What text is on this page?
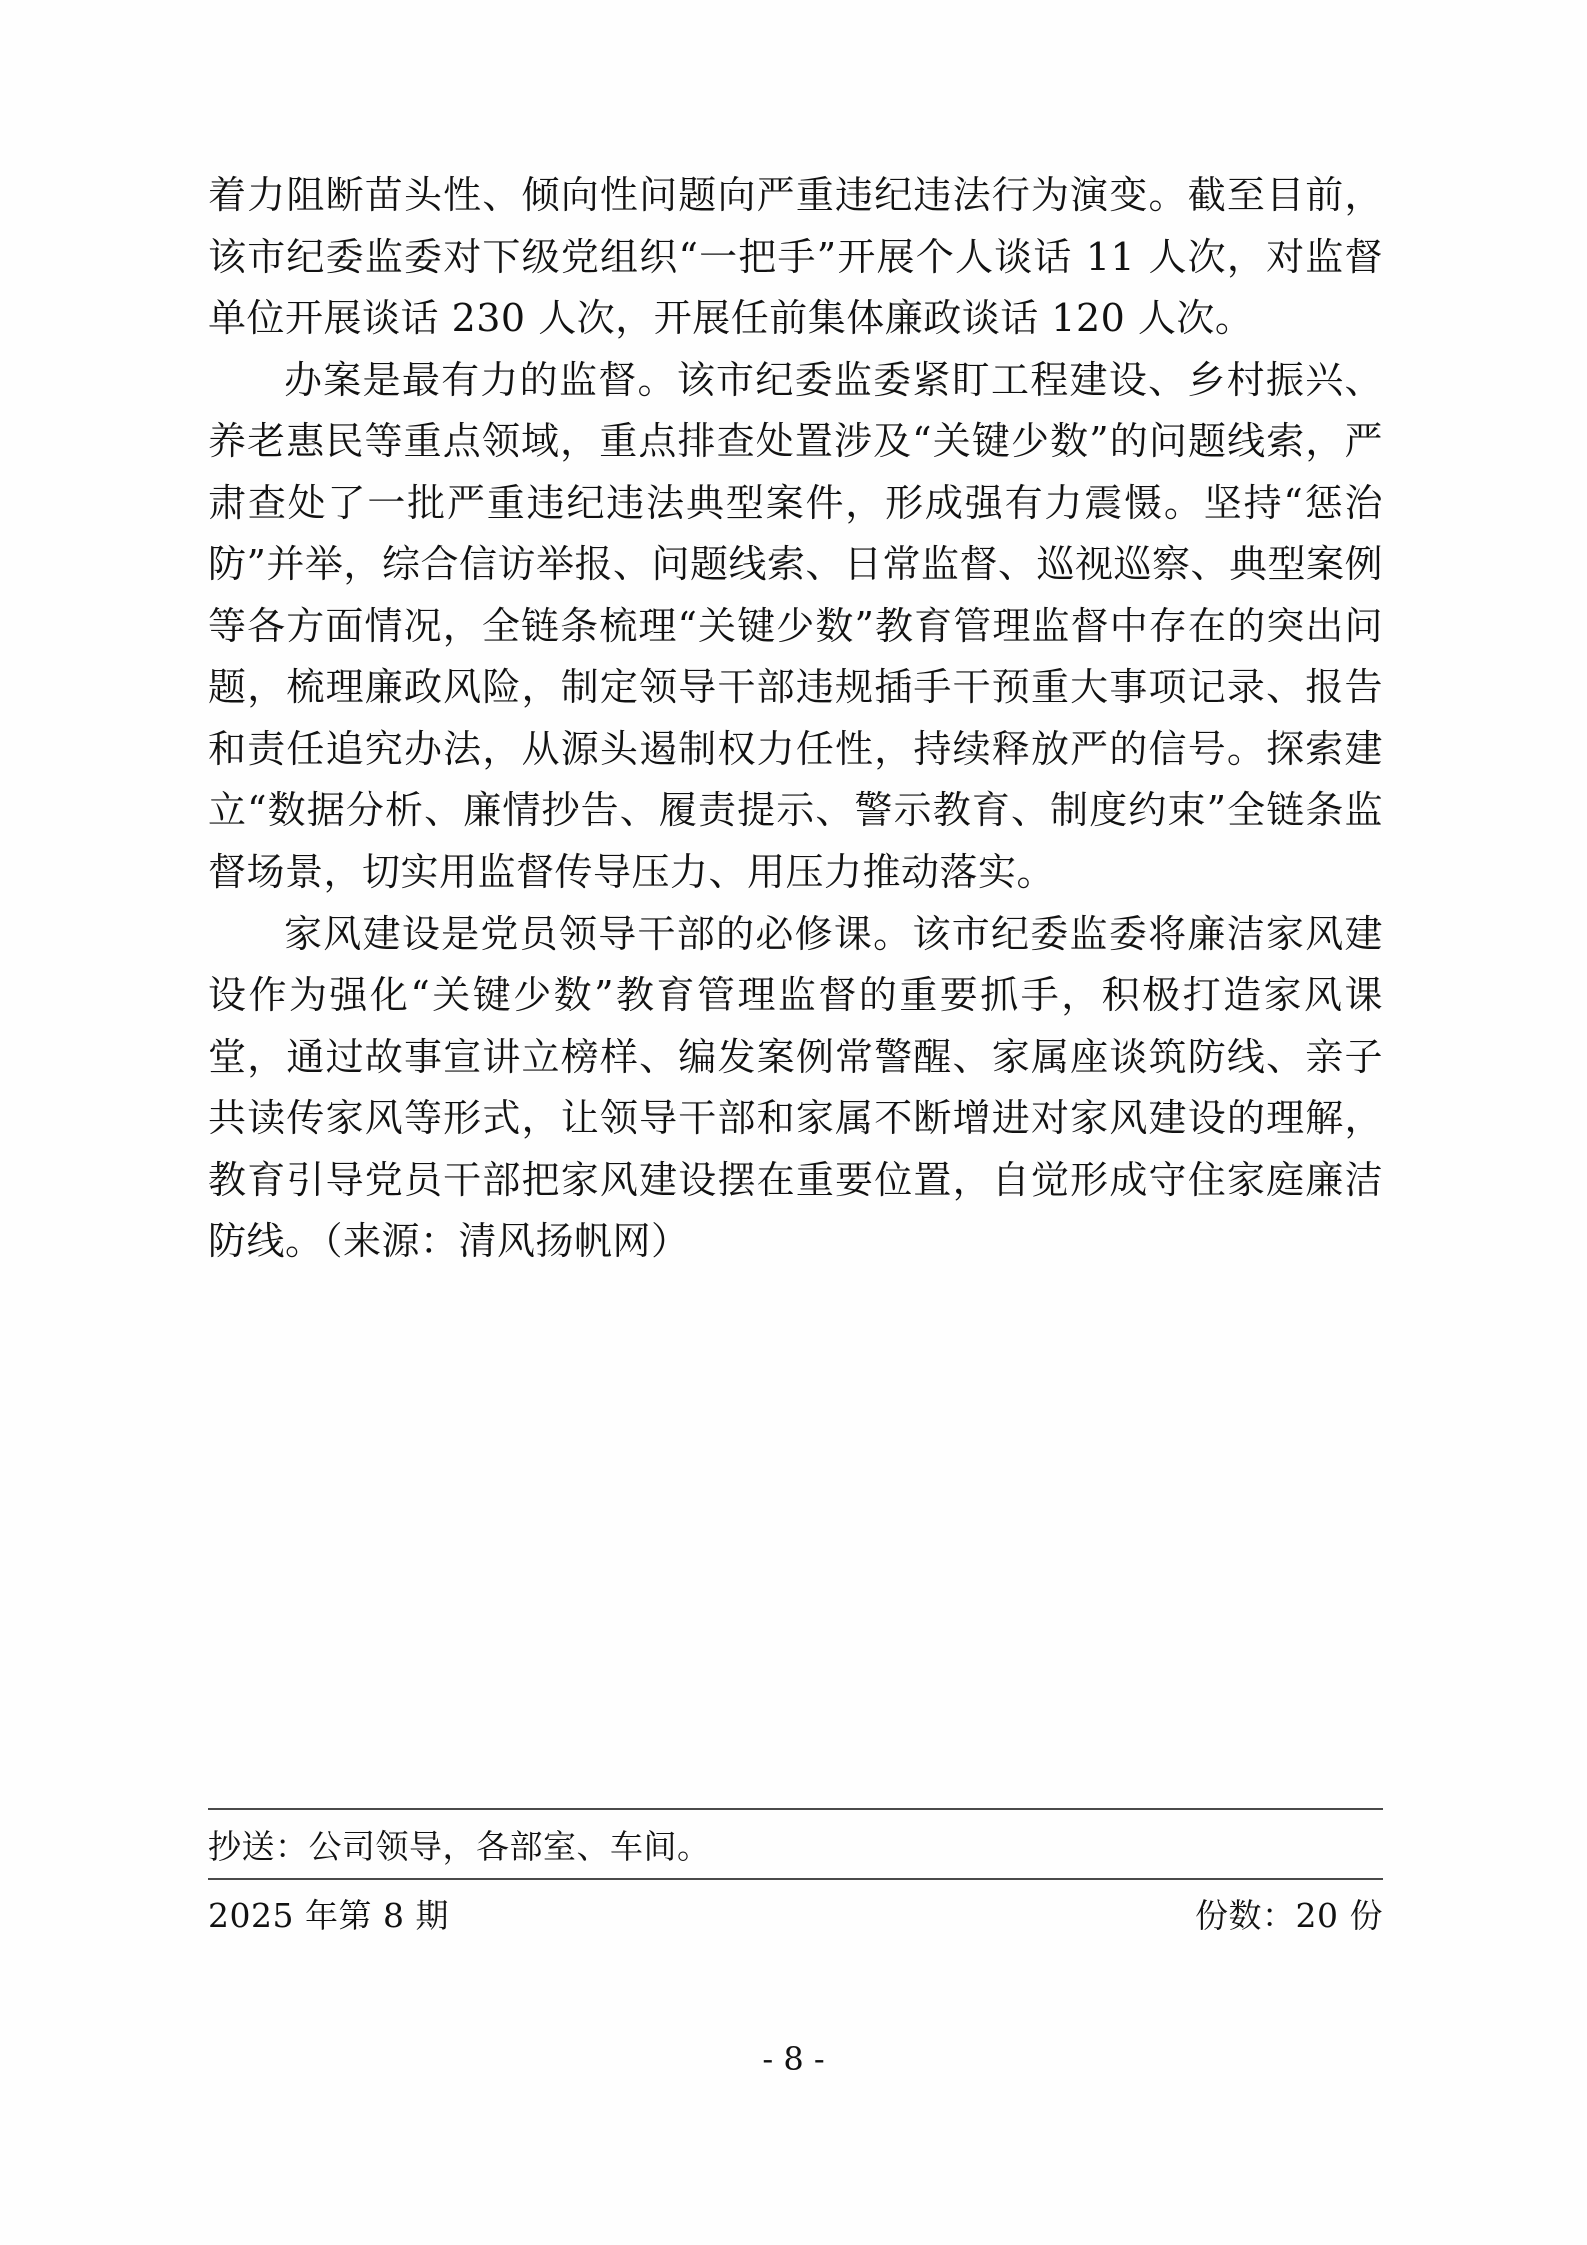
着力阻断苗头性、倾向性问题向严重违纪违法行为演变。截至目前，该市纪委监委对下级党组织“一把手”开展个人谈话 11 人次，对监督单位开展谈话 230 人次，开展任前集体廉政谈话 120 人次。

办案是最有力的监督。该市纪委监委紧盯工程建设、乡村振兴、养老惠民等重点领域，重点排查处置涉及“关键少数”的问题线索，严肃查处了一批严重违纪违法典型案件，形成强有力震慑。坚持“惩治防”并举，综合信访举报、问题线索、日常监督、巡视巡察、典型案例等各方面情况，全链条梳理“关键少数”教育管理监督中存在的突出问题，梳理廉政风险，制定领导干部违规插手干预重大事项记录、报告和责任追究办法，从源头遏制权力任性，持续释放严的信号。探索建立“数据分析、廉情抄告、履责提示、警示教育、制度约束”全链条监督场景，切实用监督传导压力、用压力推动落实。

家风建设是党员领导干部的必修课。该市纪委监委将廉洁家风建设作为强化“关键少数”教育管理监督的重要抓手，积极打造家风课堂，通过故事宣讲立榜样、编发案例常警醒、家属座谈筑防线、亲子共读传家风等形式，让领导干部和家属不断增进对家风建设的理解，教育引导党员干部把家风建设摆在重要位置，自觉形成守住家庭廉洁防线。（来源：清风扬帆网）

抄送：公司领导，各部室、车间。
2025 年第 8 期	份数：20 份
- 8 -
